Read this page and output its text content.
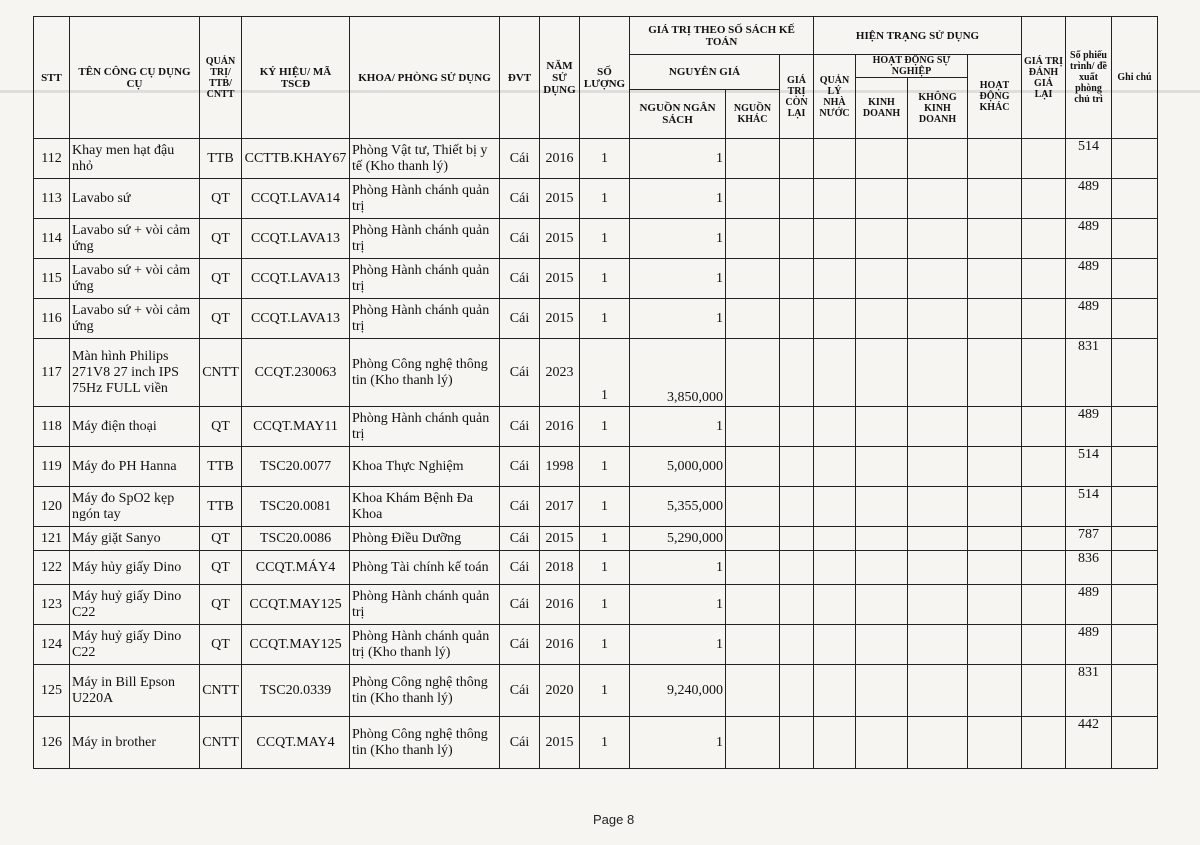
STT	TÊN CÔNG CỤ DỤNG CỤ	QUẢN TRỊ/ TTB/ CNTT	KÝ HIỆU/ MÃ TSCĐ	KHOA/ PHÒNG SỬ DỤNG	ĐVT	NĂM SỬ DỤNG	SỐ LƯỢNG	GIÁ TRỊ THEO SỐ SÁCH KẾ TOÁN			HIỆN TRẠNG SỬ DỤNG				GIÁ TRỊ ĐÁNH GIÁ LẠI	Số phiếu trình/ đề xuất phòng chủ trì	Ghi chú
								NGUYÊN GIÁ		GIÁ TRỊ CÒN LẠI	QUẢN LÝ NHÀ NƯỚC	HOẠT ĐỘNG SỰ NGHIỆP		HOẠT ĐỘNG KHÁC			
												KINH DOANH	KHÔNG KINH DOANH				
								NGUỒN NGÂN SÁCH	NGUỒN KHÁC								
112	Khay men hạt đậu nhỏ	TTB	CCTTB.KHAY67	Phòng Vật tư, Thiết bị y tế (Kho thanh lý)	Cái	2016	1	1								514	
113	Lavabo sứ	QT	CCQT.LAVA14	Phòng Hành chánh quản trị	Cái	2015	1	1								489	
114	Lavabo sứ + vòi cảm ứng	QT	CCQT.LAVA13	Phòng Hành chánh quản trị	Cái	2015	1	1								489	
115	Lavabo sứ + vòi cảm ứng	QT	CCQT.LAVA13	Phòng Hành chánh quản trị	Cái	2015	1	1								489	
116	Lavabo sứ + vòi cảm ứng	QT	CCQT.LAVA13	Phòng Hành chánh quản trị	Cái	2015	1	1								489	
117	Màn hình Philips 271V8 27 inch IPS 75Hz FULL viền	CNTT	CCQT.230063	Phòng Công nghệ thông tin (Kho thanh lý)	Cái	2023	1	3,850,000								831	
118	Máy điện thoại	QT	CCQT.MAY11	Phòng Hành chánh quản trị	Cái	2016	1	1								489	
119	Máy đo PH Hanna	TTB	TSC20.0077	Khoa Thực Nghiệm	Cái	1998	1	5,000,000								514	
120	Máy đo SpO2 kẹp ngón tay	TTB	TSC20.0081	Khoa Khám Bệnh Đa Khoa	Cái	2017	1	5,355,000								514	
121	Máy giặt Sanyo	QT	TSC20.0086	Phòng Điều Dưỡng	Cái	2015	1	5,290,000								787	
122	Máy hủy giấy Dino	QT	CCQT.MÁY4	Phòng Tài chính kế toán	Cái	2018	1	1								836	
123	Máy huỷ giấy Dino C22	QT	CCQT.MAY125	Phòng Hành chánh quản trị	Cái	2016	1	1								489	
124	Máy huỷ giấy Dino C22	QT	CCQT.MAY125	Phòng Hành chánh quản trị (Kho thanh lý)	Cái	2016	1	1								489	
125	Máy in Bill Epson U220A	CNTT	TSC20.0339	Phòng Công nghệ thông tin (Kho thanh lý)	Cái	2020	1	9,240,000								831	
126	Máy in brother	CNTT	CCQT.MAY4	Phòng Công nghệ thông tin (Kho thanh lý)	Cái	2015	1	1								442	
Page 8
